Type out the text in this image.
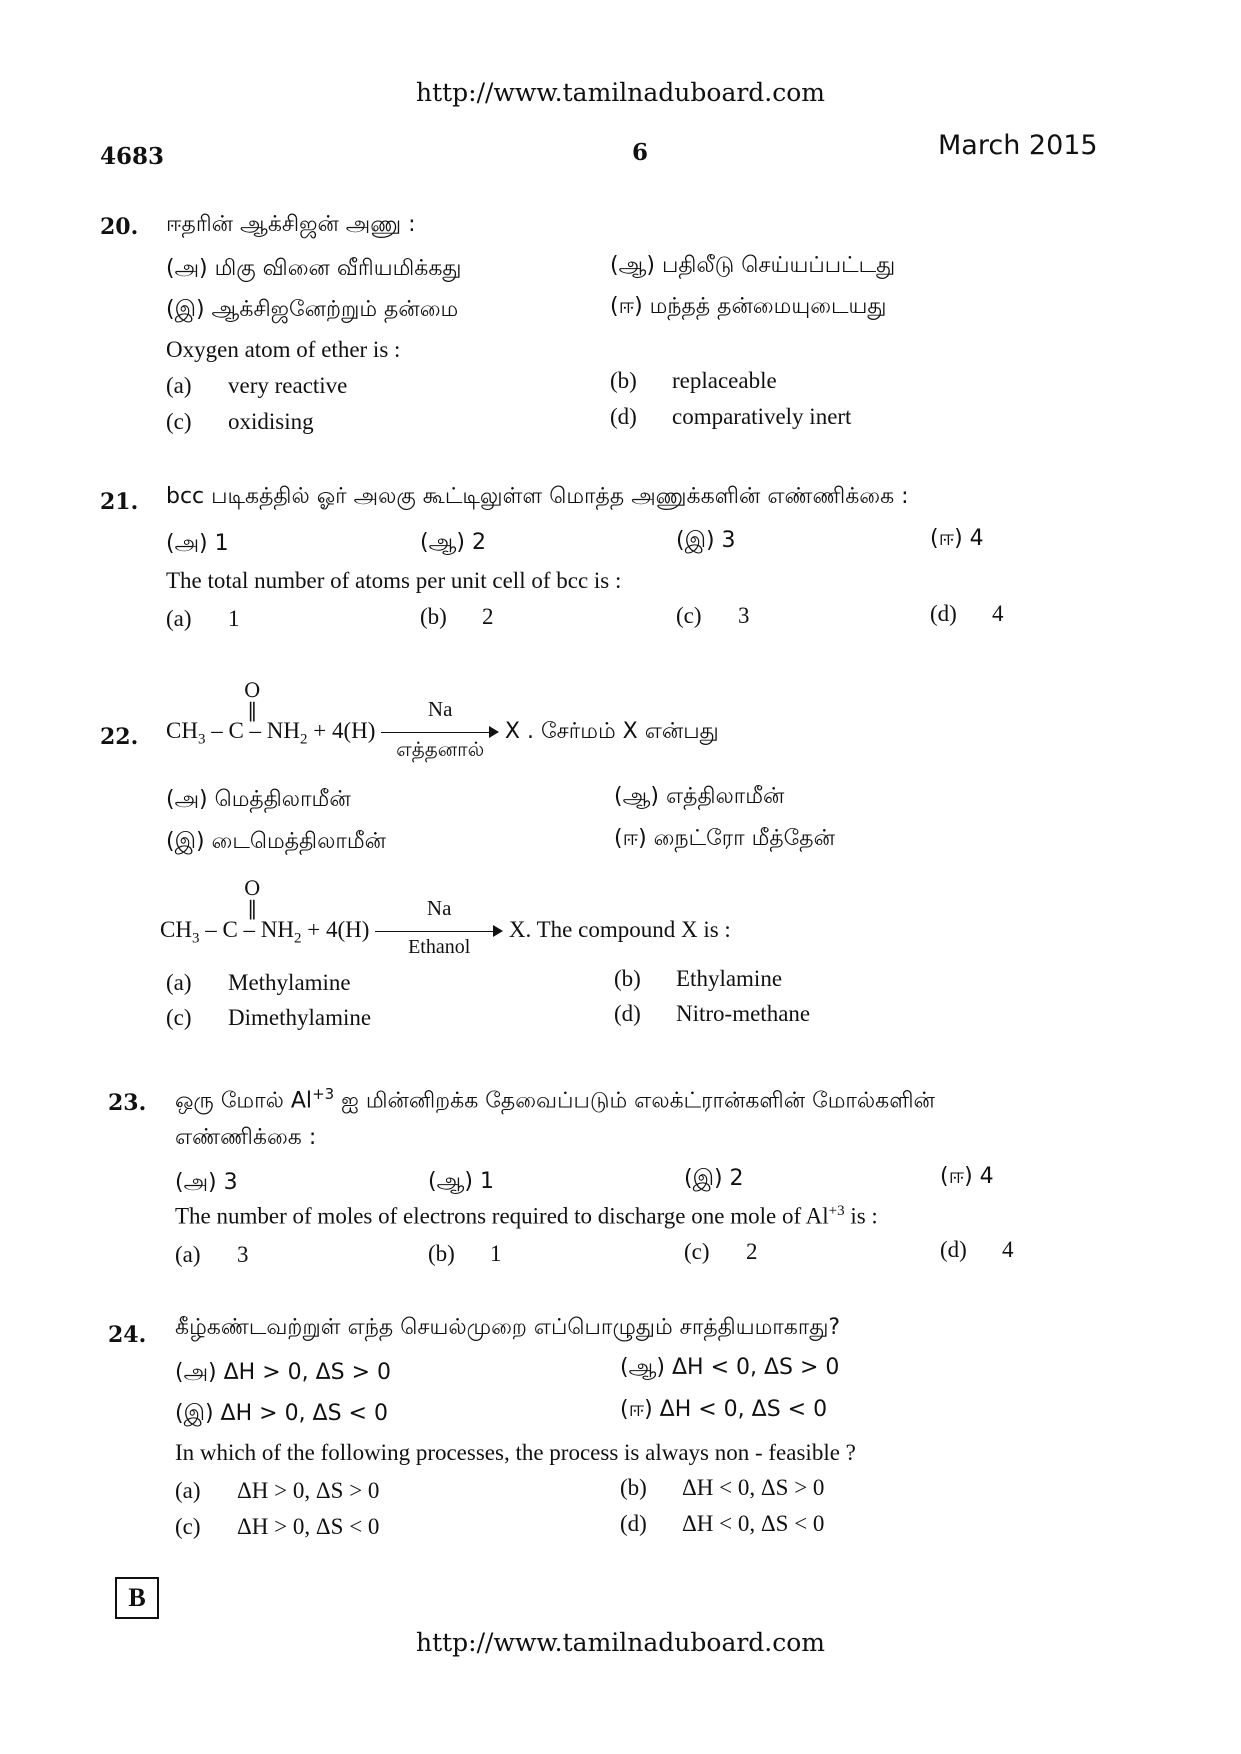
http://www.tamilnaduboard.com
4683	6	March 2015
20. ஈதரின் ஆக்சிஜன் அணு :
(அ) மிகு வினை வீரியமிக்கது	(ஆ) பதிலீடு செய்யப்பட்டது
(இ) ஆக்சிஜனேற்றும் தன்மை	(ஈ) மந்தத் தன்மையுடையது
Oxygen atom of ether is :
(a) very reactive	(b) replaceable
(c) oxidising	(d) comparatively inert
21. bcc படிகத்தில் ஓர் அலகு கூட்டிலுள்ள மொத்த அணுக்களின் எண்ணிக்கை :
(அ) 1	(ஆ) 2	(இ) 3	(ஈ) 4
The total number of atoms per unit cell of bcc is :
(a) 1	(b) 2	(c) 3	(d) 4
22.
O
‖
$CH_3 - C - NH_2 + 4(H)$
Na
எத்தனால்
X . சேர்மம் X என்பது
(அ) மெத்திலாமீன்	(ஆ) எத்திலாமீன்
(இ) டைமெத்திலாமீன்	(ஈ) நைட்ரோ மீத்தேன்
O
‖
$CH_3 - C - NH_2 + 4(H)$
Na
Ethanol
X. The compound X is :
(a) Methylamine	(b) Ethylamine
(c) Dimethylamine	(d) Nitro-methane
23. ஒரு மோல் $Al^{+3}$ ஐ மின்னிறக்க தேவைப்படும் எலக்ட்ரான்களின் மோல்களின்
எண்ணிக்கை :
(அ) 3	(ஆ) 1	(இ) 2	(ஈ) 4
The number of moles of electrons required to discharge one mole of $Al^{+3}$ is :
(a) 3	(b) 1	(c) 2	(d) 4
24. கீழ்கண்டவற்றுள் எந்த செயல்முறை எப்பொழுதும் சாத்தியமாகாது?
(அ) ΔH > 0, ΔS > 0	(ஆ) ΔH < 0, ΔS > 0
(இ) ΔH > 0, ΔS < 0	(ஈ) ΔH < 0, ΔS < 0
In which of the following processes, the process is always non - feasible ?
(a) ΔH > 0, ΔS > 0	(b) ΔH < 0, ΔS > 0
(c) ΔH > 0, ΔS < 0	(d) ΔH < 0, ΔS < 0
B
http://www.tamilnaduboard.com
